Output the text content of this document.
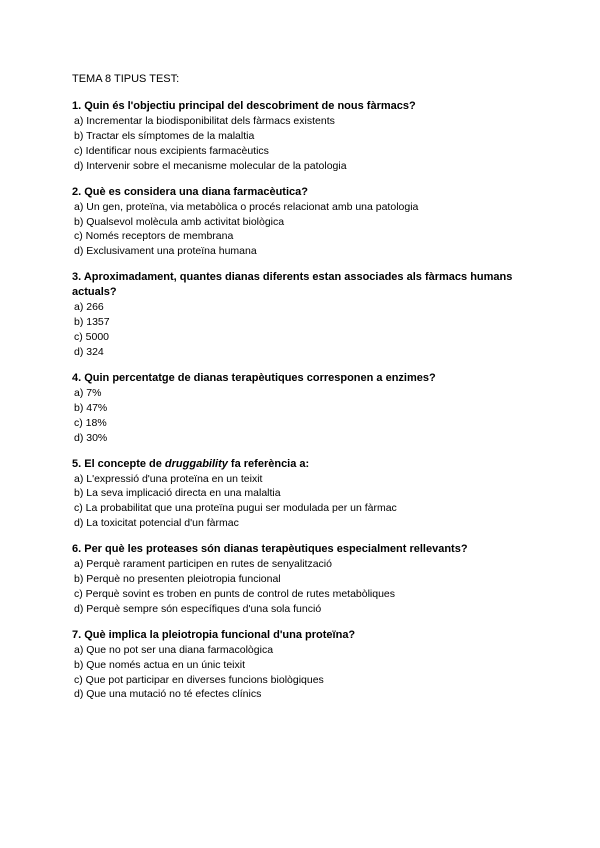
TEMA 8 TIPUS TEST:

1. Quin és l'objectiu principal del descobriment de nous fàrmacs?

a) Incrementar la biodisponibilitat dels fàrmacs existents
b) Tractar els símptomes de la malaltia
c) Identificar nous excipients farmacèutics
d) Intervenir sobre el mecanisme molecular de la patologia

2. Què es considera una diana farmacèutica?

a) Un gen, proteïna, via metabòlica o procés relacionat amb una patologia
b) Qualsevol molècula amb activitat biològica
c) Només receptors de membrana
d) Exclusivament una proteïna humana

3. Aproximadament, quantes dianas diferents estan associades als fàrmacs humans actuals?

a) 266
b) 1357
c) 5000
d) 324

4. Quin percentatge de dianas terapèutiques corresponen a enzimes?

a) 7%
b) 47%
c) 18%
d) 30%

5. El concepte de druggability fa referència a:

a) L'expressió d'una proteïna en un teixit
b) La seva implicació directa en una malaltia
c) La probabilitat que una proteïna pugui ser modulada per un fàrmac
d) La toxicitat potencial d'un fàrmac

6. Per què les proteases són dianas terapèutiques especialment rellevants?

a) Perquè rarament participen en rutes de senyalització
b) Perquè no presenten pleiotropia funcional
c) Perquè sovint es troben en punts de control de rutes metabòliques
d) Perquè sempre són específiques d'una sola funció

7. Què implica la pleiotropia funcional d'una proteïna?

a) Que no pot ser una diana farmacològica
b) Que només actua en un únic teixit
c) Que pot participar en diverses funcions biològiques
d) Que una mutació no té efectes clínics
